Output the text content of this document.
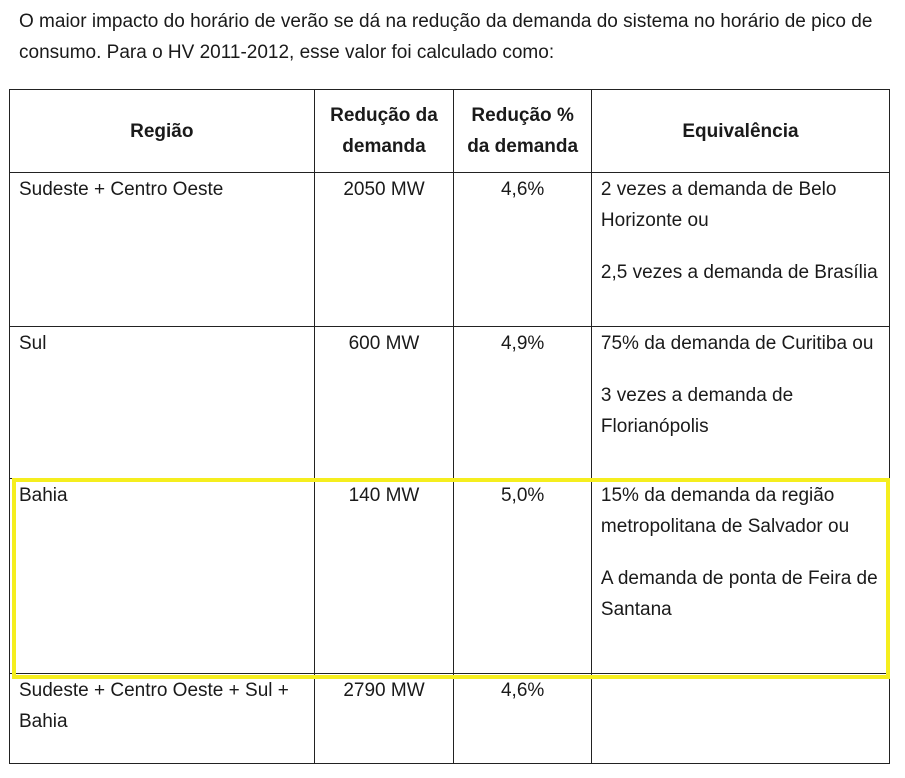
O maior impacto do horário de verão se dá na redução da demanda do sistema no horário de pico de consumo. Para o HV 2011-2012, esse valor foi calculado como:

Região	Redução da demanda	Redução % da demanda	Equivalência
Sudeste + Centro Oeste	2050 MW	4,6%	2 vezes a demanda de Belo Horizonte ou

2,5 vezes a demanda de Brasília

Sul	600 MW	4,9%	75% da demanda de Curitiba ou

3 vezes a demanda de Florianópolis

Bahia	140 MW	5,0%	15% da demanda da região metropolitana de Salvador ou

A demanda de ponta de Feira de Santana

Sudeste + Centro Oeste + Sul + Bahia	2790 MW	4,6%	
